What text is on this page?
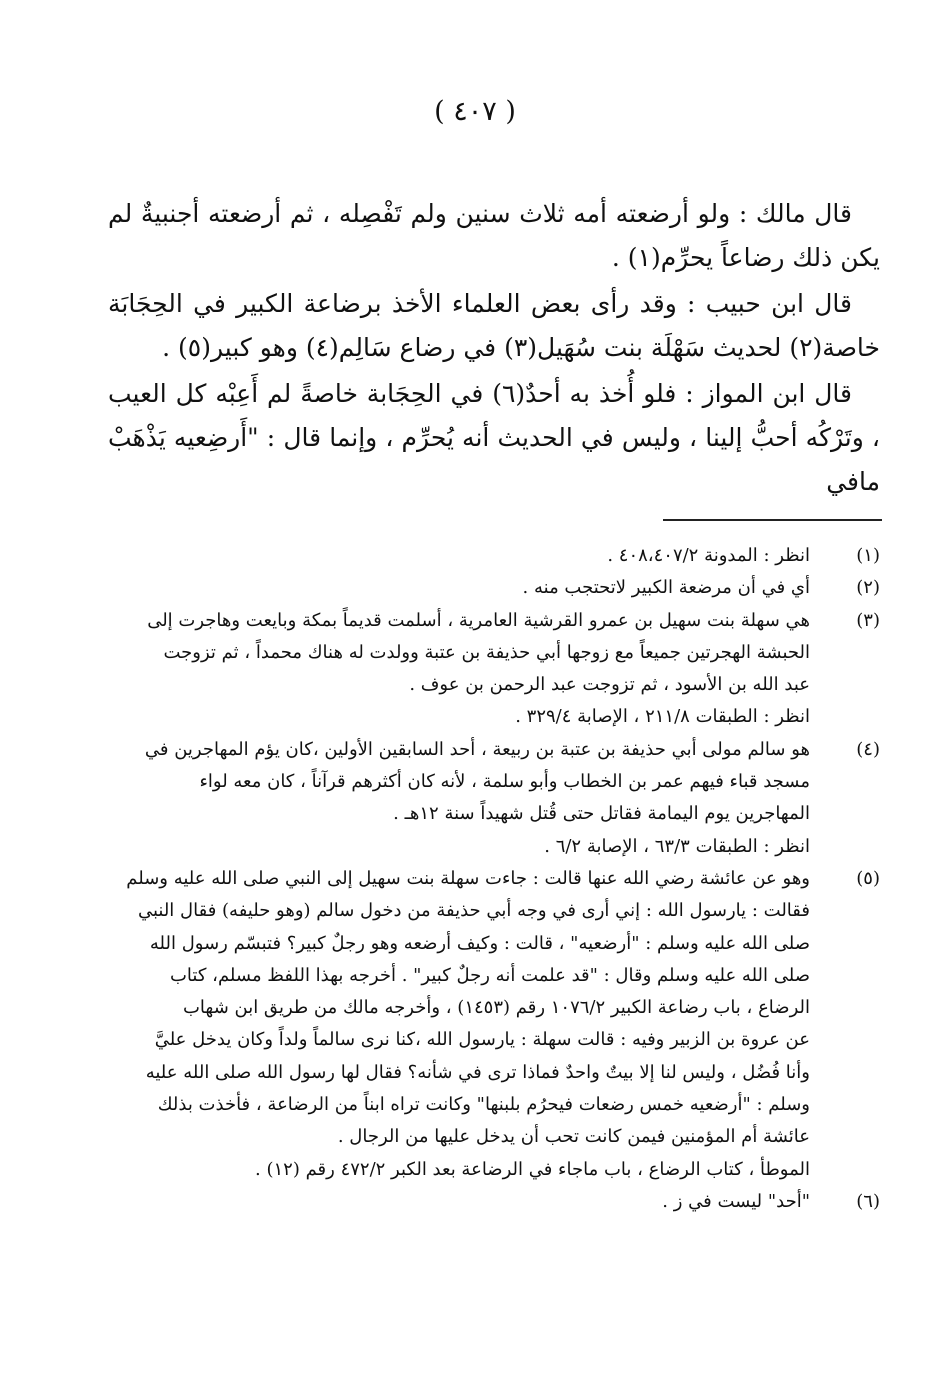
( ٤٠٧ )

قال مالك : ولو أرضعته أمه ثلاث سنين ولم تَفْصِله ، ثم أرضعته أجنبيةٌ لم يكن ذلك رضاعاً يحرِّم(١) .

قال ابن حبيب : وقد رأى بعض العلماء الأخذ برضاعة الكبير في الحِجَابَة خاصة(٢) لحديث سَهْلَة بنت سُهَيل(٣) في رضاع سَالِم(٤) وهو كبير(٥) .

قال ابن المواز : فلو أُخذ به أحدٌ(٦) في الحِجَابة خاصةً لم أَعِبْه كل العيب ، وتَرْكُه أحبُّ إلينا ، وليس في الحديث أنه يُحرِّم ، وإنما قال : "أَرضِعيه يَذْهَبْ مافي

(١)
انظر : المدونة ٤٠٨،٤٠٧/٢ .
(٢)
أي في أن مرضعة الكبير لاتحتجب منه .
(٣)
هي سهلة بنت سهيل بن عمرو القرشية العامرية ، أسلمت قديماً بمكة وبايعت وهاجرت إلى
الحبشة الهجرتين جميعاً مع زوجها أبي حذيفة بن عتبة وولدت له هناك محمداً ، ثم تزوجت
عبد الله بن الأسود ، ثم تزوجت عبد الرحمن بن عوف .
انظر : الطبقات ٢١١/٨ ، الإصابة ٣٢٩/٤ .
(٤)
هو سالم مولى أبي حذيفة بن عتبة بن ربيعة ، أحد السابقين الأولين ،كان يؤم المهاجرين في
مسجد قباء فيهم عمر بن الخطاب وأبو سلمة ، لأنه كان أكثرهم قرآناً ، كان معه لواء
المهاجرين يوم اليمامة فقاتل حتى قُتل شهيداً سنة ١٢هـ .
انظر : الطبقات ٦٣/٣ ، الإصابة ٦/٢ .
(٥)
وهو عن عائشة رضي الله عنها قالت : جاءت سهلة بنت سهيل إلى النبي صلى الله عليه وسلم
فقالت : يارسول الله : إني أرى في وجه أبي حذيفة من دخول سالم (وهو حليفه) فقال النبي
صلى الله عليه وسلم : "أرضعيه" ، قالت : وكيف أرضعه وهو رجلٌ كبير؟ فتبسّم رسول الله
صلى الله عليه وسلم وقال : "قد علمت أنه رجلٌ كبير" . أخرجه بهذا اللفظ مسلم، كتاب
الرضاع ، باب رضاعة الكبير ١٠٧٦/٢ رقم (١٤٥٣) ، وأخرجه مالك من طريق ابن شهاب
عن عروة بن الزبير وفيه : قالت سهلة : يارسول الله ،كنا نرى سالماً ولداً وكان يدخل عليَّ
وأنا فُضُل ، وليس لنا إلا بيتٌ واحدٌ فماذا ترى في شأنه؟ فقال لها رسول الله صلى الله عليه
وسلم : "أرضعيه خمس رضعات فيحرُم بلبنها" وكانت تراه ابناً من الرضاعة ، فأخذت بذلك
عائشة أم المؤمنين فيمن كانت تحب أن يدخل عليها من الرجال .
الموطأ ، كتاب الرضاع ، باب ماجاء في الرضاعة بعد الكبر ٤٧٢/٢ رقم (١٢) .
(٦)
"أحد" ليست في ز .
